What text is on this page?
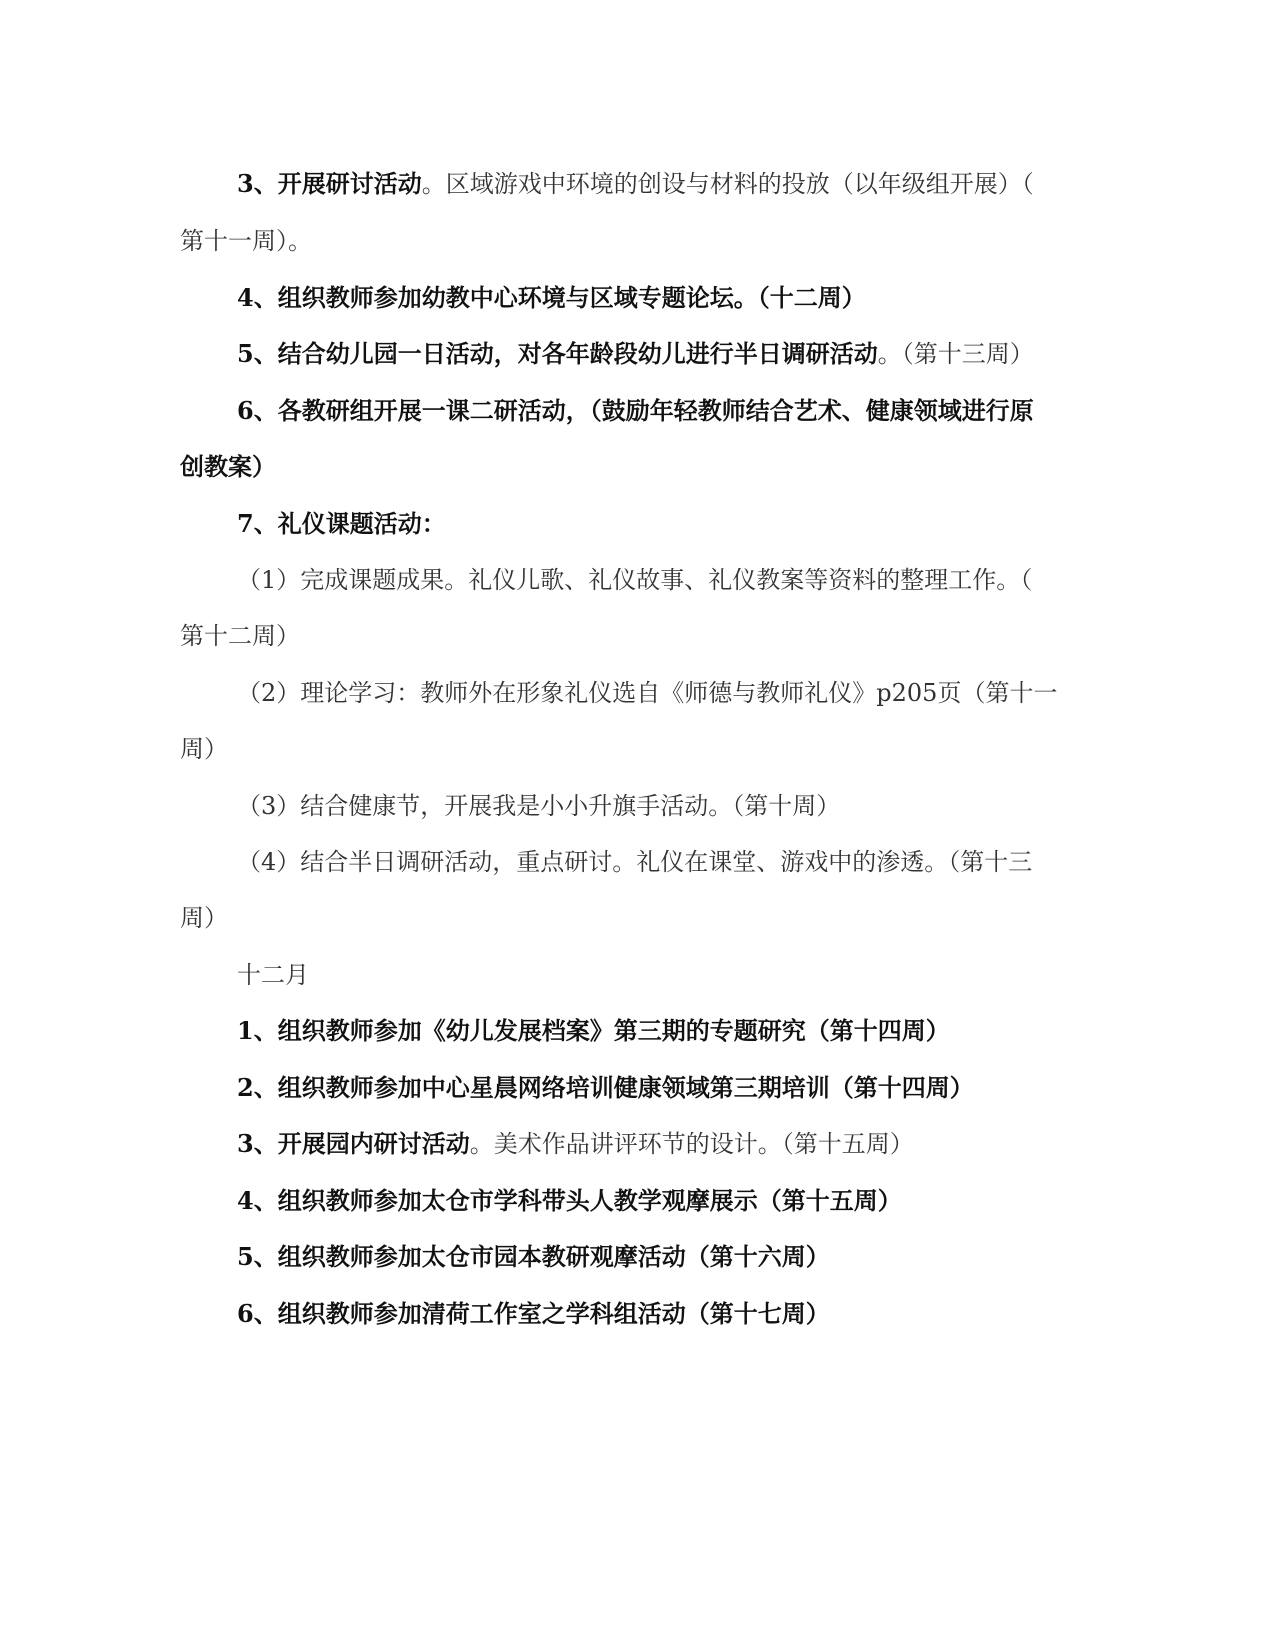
3、开展研讨活动。区域游戏中环境的创设与材料的投放（以年级组开展）（
第十一周）。
4、组织教师参加幼教中心环境与区域专题论坛。（十二周）
5、结合幼儿园一日活动，对各年龄段幼儿进行半日调研活动。（第十三周）
6、各教研组开展一课二研活动，（鼓励年轻教师结合艺术、健康领域进行原
创教案）
7、礼仪课题活动：
（1）完成课题成果。礼仪儿歌、礼仪故事、礼仪教案等资料的整理工作。（
第十二周）
（2）理论学习：教师外在形象礼仪选自《师德与教师礼仪》p205页（第十一
周）
（3）结合健康节，开展我是小小升旗手活动。（第十周）
（4）结合半日调研活动，重点研讨。礼仪在课堂、游戏中的渗透。（第十三
周）
十二月
1、组织教师参加《幼儿发展档案》第三期的专题研究（第十四周）
2、组织教师参加中心星晨网络培训健康领域第三期培训（第十四周）
3、开展园内研讨活动。美术作品讲评环节的设计。（第十五周）
4、组织教师参加太仓市学科带头人教学观摩展示（第十五周）
5、组织教师参加太仓市园本教研观摩活动（第十六周）
6、组织教师参加清荷工作室之学科组活动（第十七周）
